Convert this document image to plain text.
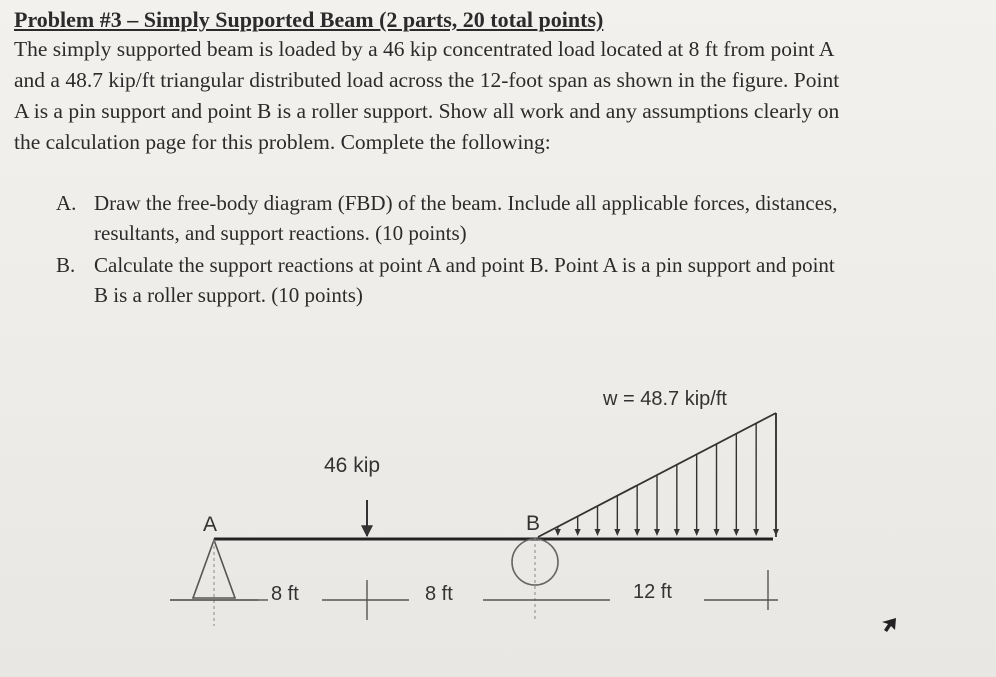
Problem #3 – Simply Supported Beam (2 parts, 20 total points)

The simply supported beam is loaded by a 46 kip concentrated load located at 8 ft from point A
and a 48.7 kip/ft triangular distributed load across the 12-foot span as shown in the figure. Point
A is a pin support and point B is a roller support. Show all work and any assumptions clearly on
the calculation page for this problem. Complete the following:

A. Draw the free-body diagram (FBD) of the beam. Include all applicable forces, distances,
resultants, and support reactions. (10 points)
B. Calculate the support reactions at point A and point B. Point A is a pin support and point
B is a roller support. (10 points)
w = 48.7 kip/ft
46 kip
A	B
8 ft	8 ft	12 ft
